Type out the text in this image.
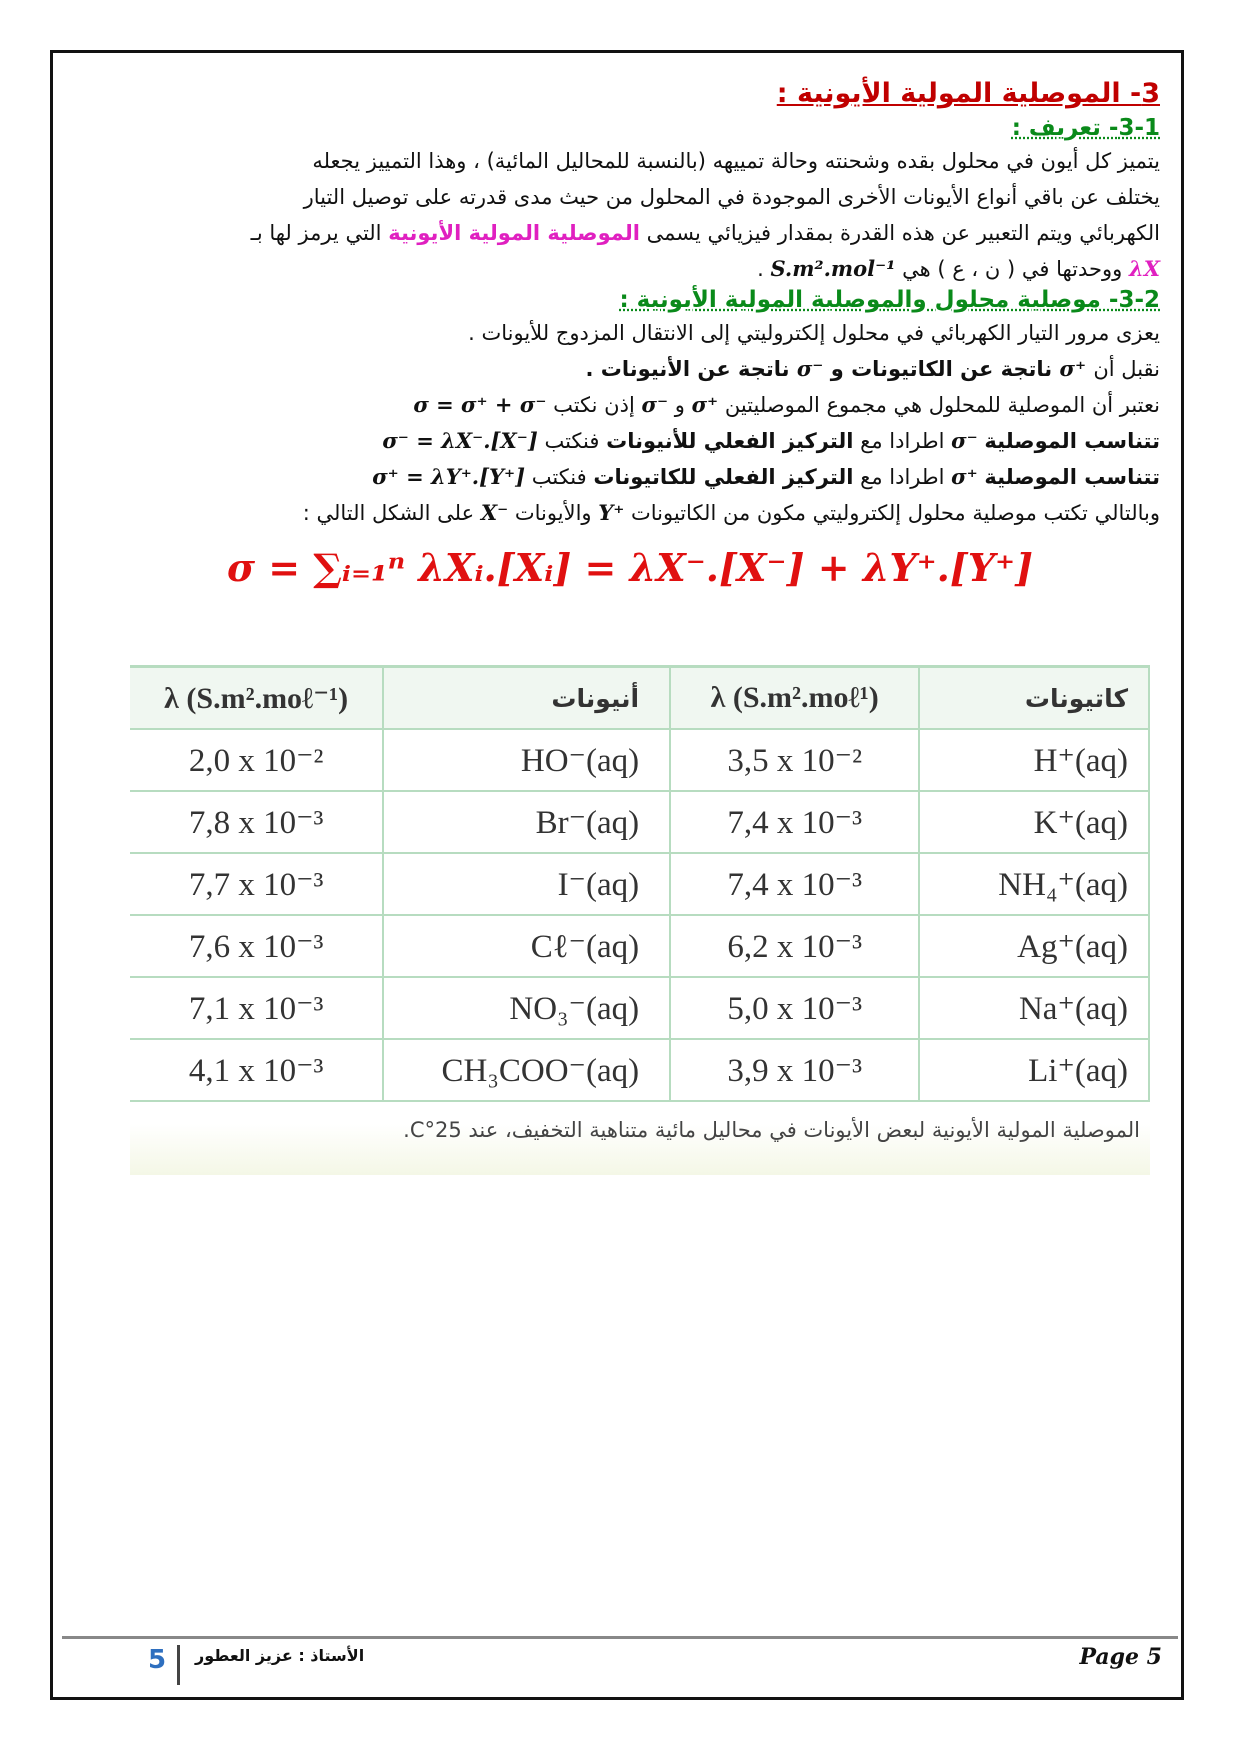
3- الموصلية المولية الأيونية :
3-1- تعريف :

يتميز كل أيون في محلول بقده وشحنته وحالة تمييهه (بالنسبة للمحاليل المائية) ، وهذا التمييز يجعله

يختلف عن باقي أنواع الأيونات الأخرى الموجودة في المحلول من حيث مدى قدرته على توصيل التيار

الكهربائي ويتم التعبير عن هذه القدرة بمقدار فيزيائي يسمى الموصلية المولية الأيونية التي يرمز لها بـ

λX ووحدتها في ( ن ، ع ) هي S.m².mol⁻¹ .

3-2- موصلية محلول والموصلية المولية الأيونية :

يعزى مرور التيار الكهربائي في محلول إلكتروليتي إلى الانتقال المزدوج للأيونات .

نقبل أن σ⁺ ناتجة عن الكاتيونات و σ⁻ ناتجة عن الأنيونات .

نعتبر أن الموصلية للمحلول هي مجموع الموصليتين σ⁺ و σ⁻ إذن نكتب σ = σ⁺ + σ⁻

تتناسب الموصلية σ⁻ اطرادا مع التركيز الفعلي للأنيونات فنكتب σ⁻ = λX⁻.[X⁻]

تتناسب الموصلية σ⁺ اطرادا مع التركيز الفعلي للكاتيونات فنكتب σ⁺ = λY⁺.[Y⁺]

وبالتالي تكتب موصلية محلول إلكتروليتي مكون من الكاتيونات Y⁺ والأيونات X⁻ على الشكل التالي :

σ = ∑ᵢ₌₁ⁿ λXᵢ.[Xᵢ] = λX⁻.[X⁻] + λY⁺.[Y⁺]
λ (S.m².moℓ⁻¹)	أنيونات	λ (S.m².moℓ¹)	كاتيونات
2,0 x 10⁻²	HO⁻(aq)	3,5 x 10⁻²	H⁺(aq)
7,8 x 10⁻³	Br⁻(aq)	7,4 x 10⁻³	K⁺(aq)
7,7 x 10⁻³	I⁻(aq)	7,4 x 10⁻³	NH₄⁺(aq)
7,6 x 10⁻³	Cℓ⁻(aq)	6,2 x 10⁻³	Ag⁺(aq)
7,1 x 10⁻³	NO₃⁻(aq)	5,0 x 10⁻³	Na⁺(aq)
4,1 x 10⁻³	CH₃COO⁻(aq)	3,9 x 10⁻³	Li⁺(aq)
الموصلية المولية الأيونية لبعض الأيونات في محاليل مائية متناهية التخفيف، عند 25°C.
5 الأستاذ : عزيز العطور	Page 5
